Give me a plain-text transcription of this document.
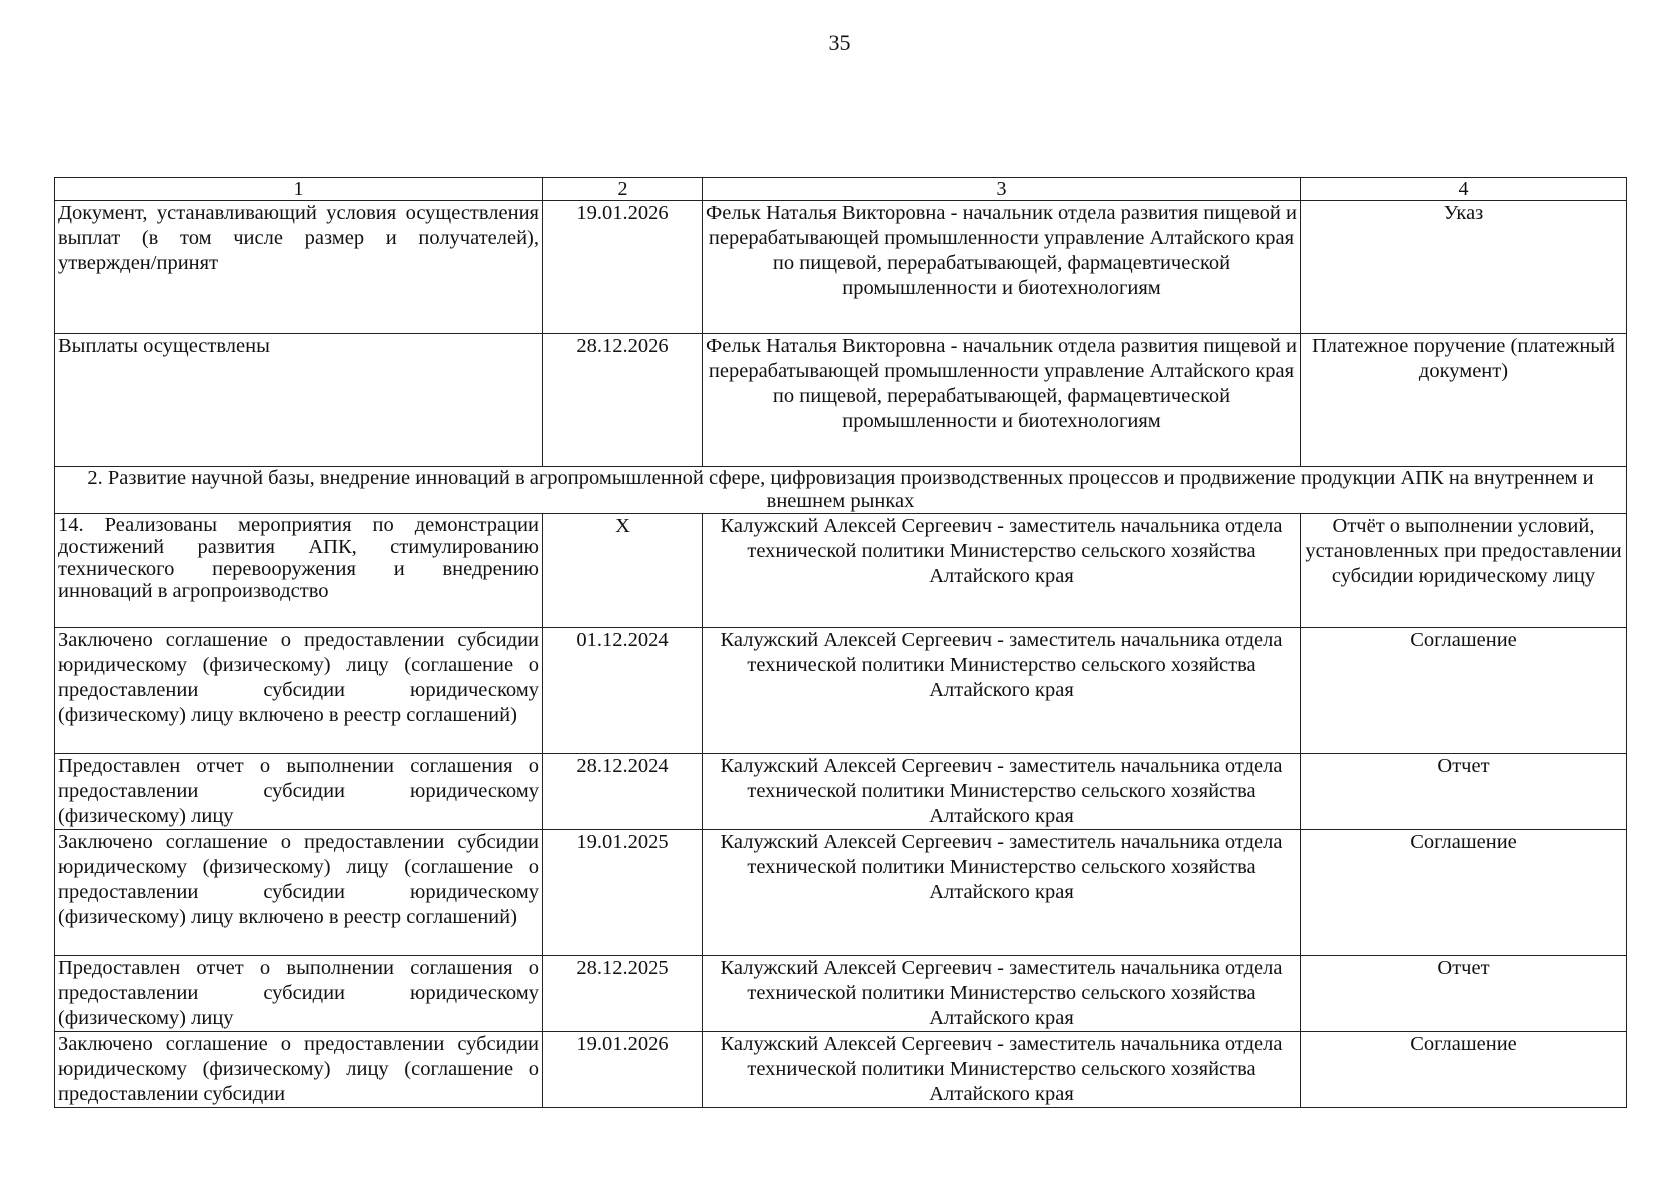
35
1	2	3	4
Документ, устанавливающий условия осуществления выплат (в том числе размер и получателей), утвержден/принят	19.01.2026	Фельк Наталья Викторовна - начальник отдела развития пищевой и перерабатывающей промышленности управление Алтайского края по пищевой, перерабатывающей, фармацевтической промышленности и биотехнологиям	Указ
Выплаты осуществлены	28.12.2026	Фельк Наталья Викторовна - начальник отдела развития пищевой и перерабатывающей промышленности управление Алтайского края по пищевой, перерабатывающей, фармацевтической промышленности и биотехнологиям	Платежное поручение (платежный документ)
2. Развитие научной базы, внедрение инноваций в агропромышленной сфере, цифровизация производственных процессов и продвижение продукции АПК на внутреннем и внешнем рынках			
14. Реализованы мероприятия по демонстрации достижений развития АПК, стимулированию технического перевооружения и внедрению инноваций в агропроизводство	X	Калужский Алексей Сергеевич - заместитель начальника отдела технической политики Министерство сельского хозяйства Алтайского края	Отчёт о выполнении условий, установленных при предоставлении субсидии юридическому лицу
Заключено соглашение о предоставлении субсидии юридическому (физическому) лицу (соглашение о предоставлении субсидии юридическому (физическому) лицу включено в реестр соглашений)	01.12.2024	Калужский Алексей Сергеевич - заместитель начальника отдела технической политики Министерство сельского хозяйства Алтайского края	Соглашение
Предоставлен отчет о выполнении соглашения о предоставлении субсидии юридическому (физическому) лицу	28.12.2024	Калужский Алексей Сергеевич - заместитель начальника отдела технической политики Министерство сельского хозяйства Алтайского края	Отчет
Заключено соглашение о предоставлении субсидии юридическому (физическому) лицу (соглашение о предоставлении субсидии юридическому (физическому) лицу включено в реестр соглашений)	19.01.2025	Калужский Алексей Сергеевич - заместитель начальника отдела технической политики Министерство сельского хозяйства Алтайского края	Соглашение
Предоставлен отчет о выполнении соглашения о предоставлении субсидии юридическому (физическому) лицу	28.12.2025	Калужский Алексей Сергеевич - заместитель начальника отдела технической политики Министерство сельского хозяйства Алтайского края	Отчет
Заключено соглашение о предоставлении субсидии юридическому (физическому) лицу (соглашение о предоставлении субсидии	19.01.2026	Калужский Алексей Сергеевич - заместитель начальника отдела технической политики Министерство сельского хозяйства Алтайского края	Соглашение
